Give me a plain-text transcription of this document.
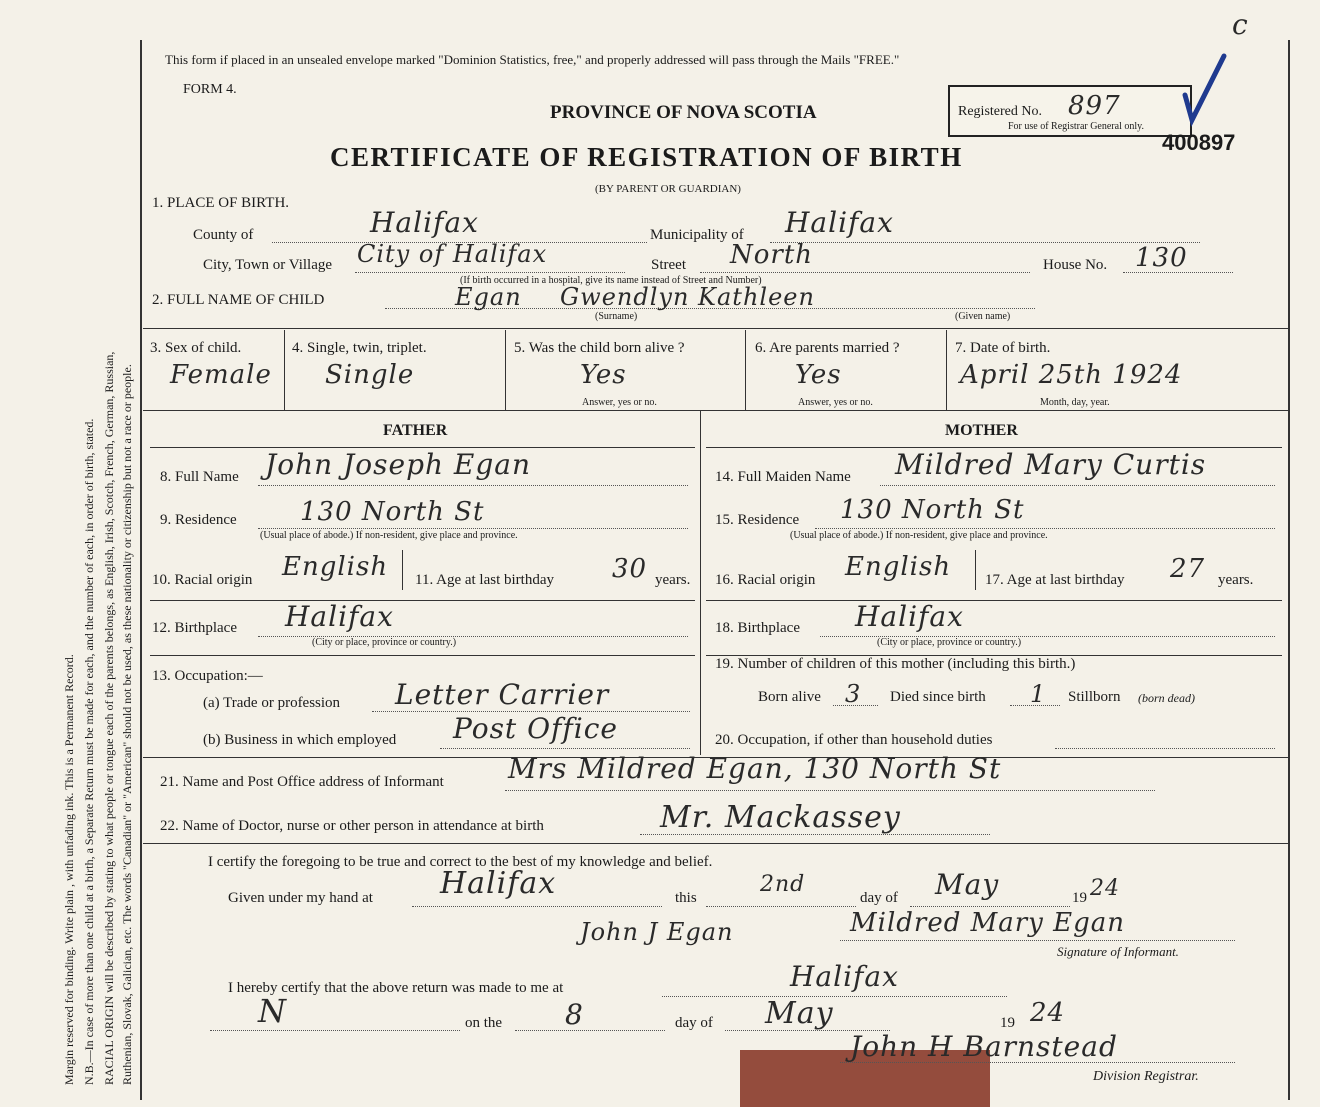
Margin reserved for binding. Write plain , with unfading ink. This is a Permanent Record. N.B.—In case of more than one child at a birth, a Separate Return must be made for each, and the number of each, in order of birth, stated. RACIAL ORIGIN will be described by stating to what people or tongue each of the parents belongs, as English, Irish, Scotch, French, German, Russian, Ruthenian, Slovak, Galician, etc. The words "Canadian" or "American" should not be used, as these nationality or citizenship but not a race or people.
c
This form if placed in an unsealed envelope marked "Dominion Statistics, free," and properly addressed will pass through the Mails "FREE."
FORM 4.
PROVINCE OF NOVA SCOTIA
CERTIFICATE OF REGISTRATION OF BIRTH
(BY PARENT OR GUARDIAN)
Registered No. 897
For use of Registrar General only.
400897
1. PLACE OF BIRTH.
County of	Halifax	Municipality of Halifax
City, Town or Village City of Halifax	Street North
(If birth occurred in a hospital, give its name instead of Street and Number)
House No. 130
2. FULL NAME OF CHILD	Egan Gwendlyn Kathleen
(Surname)	(Given name)
3. Sex of child.
Female
4. Single, twin, triplet.
Single
5. Was the child born alive ?
Yes
Answer, yes or no.
6. Are parents married ?
Yes
Answer, yes or no.
7. Date of birth.
April 25th 1924
Month, day, year.
FATHER	MOTHER
8. Full Name John Joseph Egan
9. Residence 130 North St
(Usual place of abode.) If non-resident, give place and province.
10. Racial origin English 11. Age at last birthday 30 years.
12. Birthplace Halifax
(City or place, province or country.)
13. Occupation:—
(a) Trade or profession Letter Carrier
(b) Business in which employed Post Office
14. Full Maiden Name Mildred Mary Curtis
15. Residence 130 North St
(Usual place of abode.) If non-resident, give place and province.
16. Racial origin English 17. Age at last birthday 27 years.
18. Birthplace Halifax
(City or place, province or country.)
19. Number of children of this mother (including this birth.)
Born alive 3 Died since birth 1 Stillborn (born dead)
20. Occupation, if other than household duties
21. Name and Post Office address of Informant Mrs Mildred Egan, 130 North St
22. Name of Doctor, nurse or other person in attendance at birth	Mr. Mackassey
I certify the foregoing to be true and correct to the best of my knowledge and belief.
Given under my hand at Halifax	this
2nd
day of May	19 24
John J Egan	Mildred Mary Egan
Signature of Informant.
I hereby certify that the above return was made to me at	Halifax
N	on the 8	day of May	19 24
John H Barnstead
Division Registrar.
